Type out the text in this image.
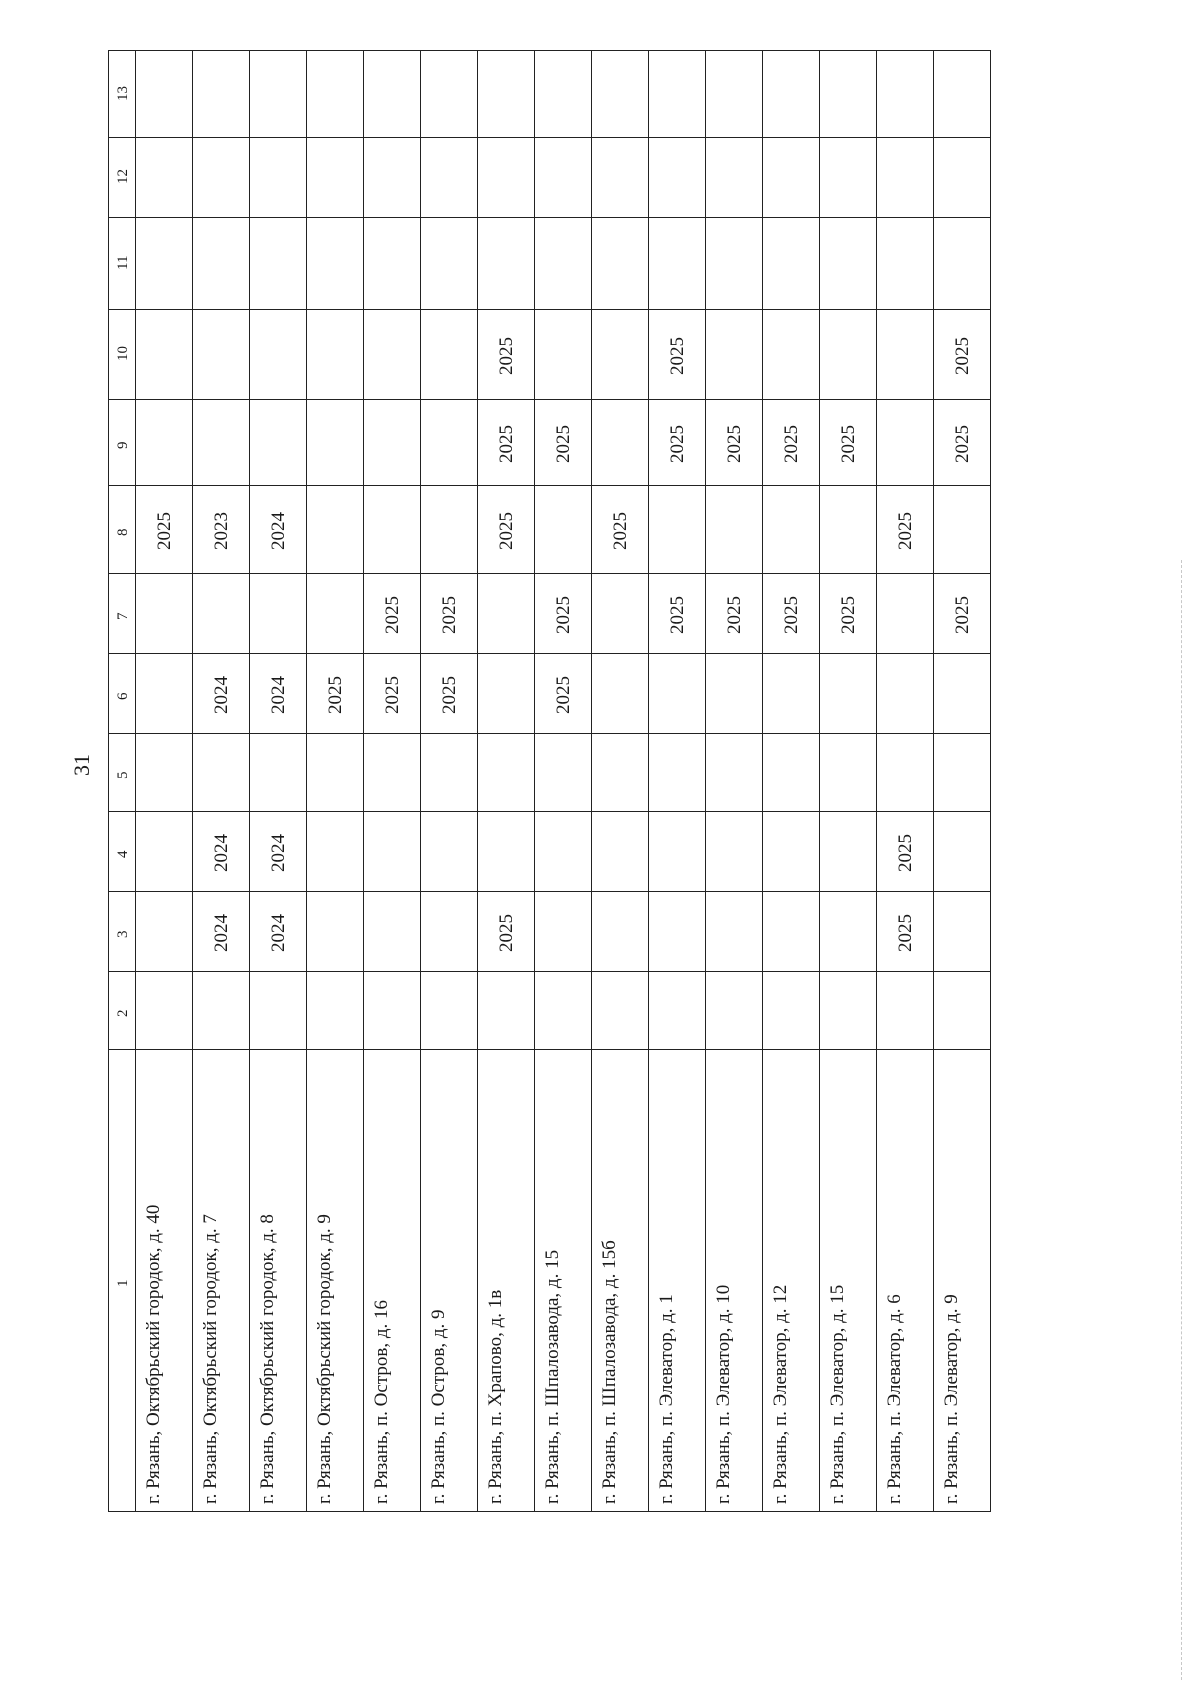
31
1
2
3
4
5
6
7
8
9
10
11
12
13
г. Рязань, Октябрьский городок, д. 40
2025
г. Рязань, Октябрьский городок, д. 7
2024
2024
2024
2023
г. Рязань, Октябрьский городок, д. 8
2024
2024
2024
2024
г. Рязань, Октябрьский городок, д. 9
2025
г. Рязань, п. Остров, д. 16
2025
2025
г. Рязань, п. Остров, д. 9
2025
2025
г. Рязань, п. Храпово, д. 1в
2025
2025
2025
2025
г. Рязань, п. Шпалозавода, д. 15
2025
2025
2025
г. Рязань, п. Шпалозавода, д. 15б
2025
г. Рязань, п. Элеватор, д. 1
2025
2025
2025
г. Рязань, п. Элеватор, д. 10
2025
2025
г. Рязань, п. Элеватор, д. 12
2025
2025
г. Рязань, п. Элеватор, д. 15
2025
2025
г. Рязань, п. Элеватор, д. 6
2025
2025
2025
г. Рязань, п. Элеватор, д. 9
2025
2025
2025
